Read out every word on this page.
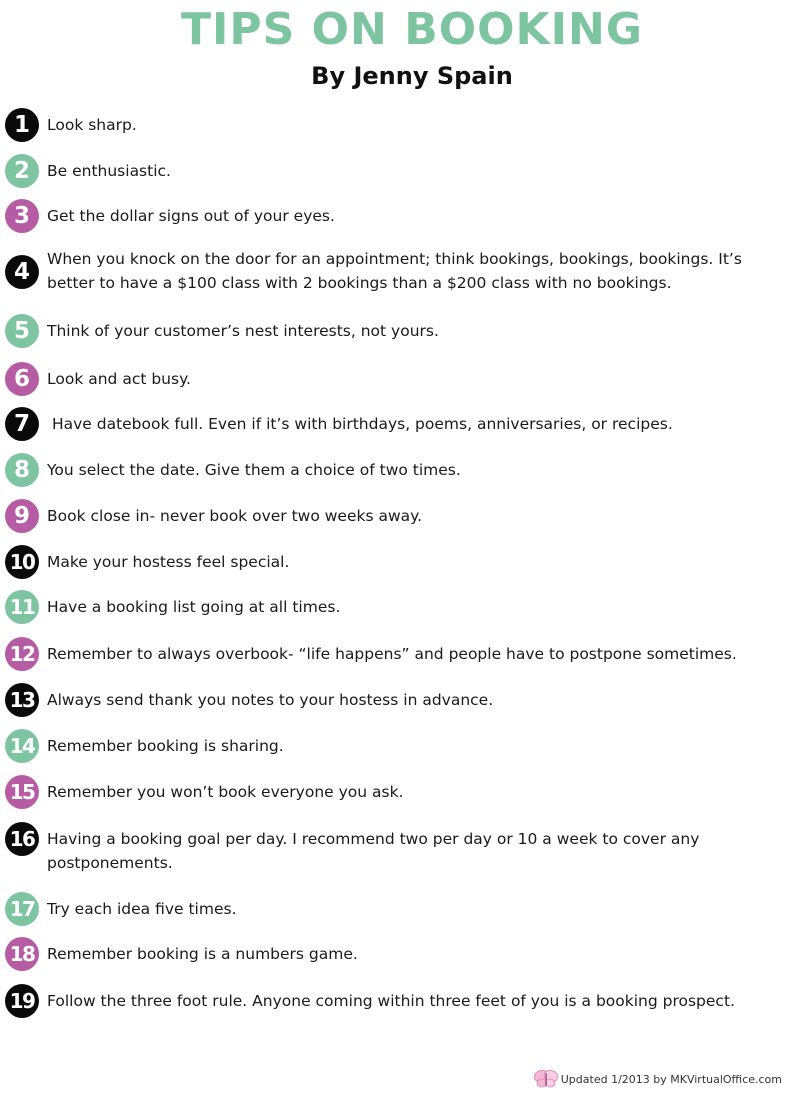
TIPS ON BOOKING
By Jenny Spain
1	Look sharp.
2	Be enthusiastic.
3	Get the dollar signs out of your eyes.
4	When you knock on the door for an appointment; think bookings, bookings, bookings. It’s better to have a $100 class with 2 bookings than a $200 class with no bookings.
5	Think of your customer’s nest interests, not yours.
6	Look and act busy.
7	Have datebook full. Even if it’s with birthdays, poems, anniversaries, or recipes.
8	You select the date. Give them a choice of two times.
9	Book close in- never book over two weeks away.
10 Make your hostess feel special.
11 Have a booking list going at all times.
12 Remember to always overbook- “life happens” and people have to postpone sometimes.
13 Always send thank you notes to your hostess in advance.
14 Remember booking is sharing.
15 Remember you won’t book everyone you ask.
16 Having a booking goal per day. I recommend two per day or 10 a week to cover any postponements.
17 Try each idea five times.
18 Remember booking is a numbers game.
19 Follow the three foot rule. Anyone coming within three feet of you is a booking prospect.
Updated 1/2013 by MKVirtualOffice.com
